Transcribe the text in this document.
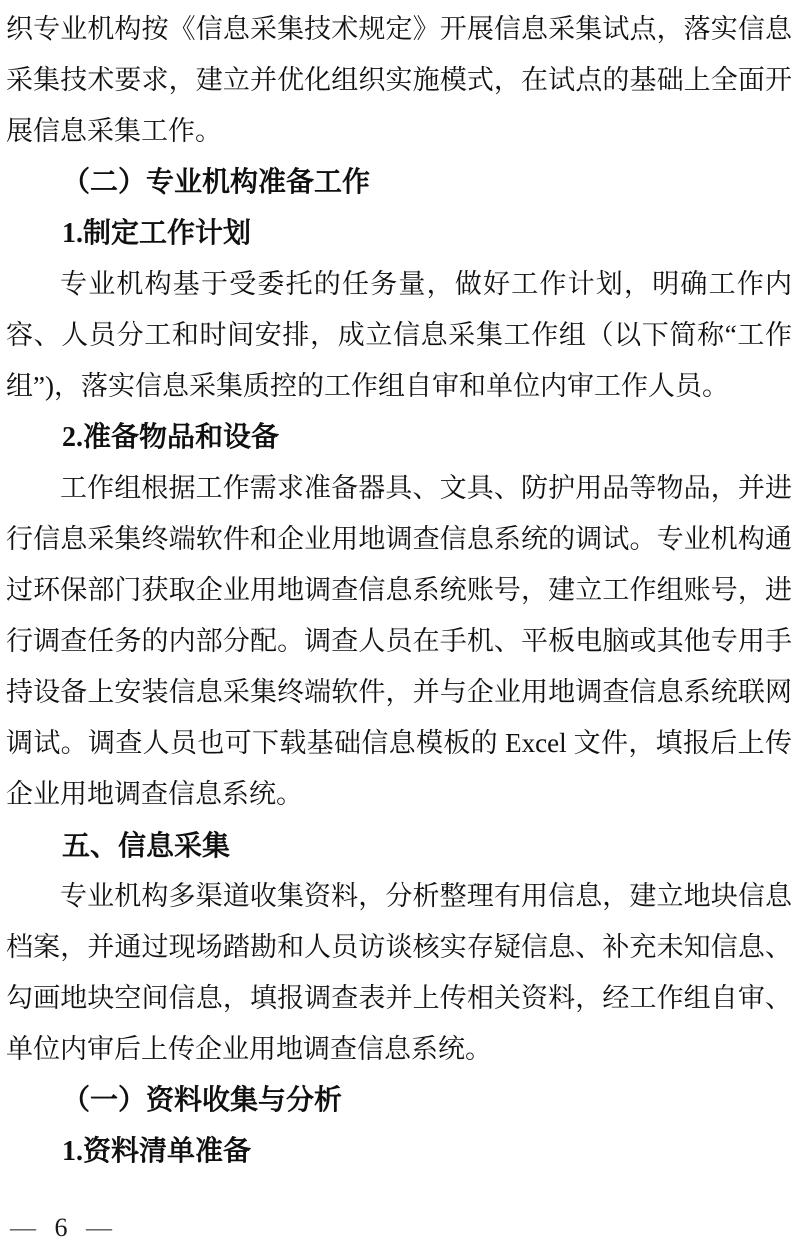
织专业机构按《信息采集技术规定》开展信息采集试点，落实信息采集技术要求，建立并优化组织实施模式，在试点的基础上全面开展信息采集工作。
（二）专业机构准备工作
1.制定工作计划
专业机构基于受委托的任务量，做好工作计划，明确工作内容、人员分工和时间安排，成立信息采集工作组（以下简称“工作组”)，落实信息采集质控的工作组自审和单位内审工作人员。
2.准备物品和设备
工作组根据工作需求准备器具、文具、防护用品等物品，并进行信息采集终端软件和企业用地调查信息系统的调试。专业机构通过环保部门获取企业用地调查信息系统账号，建立工作组账号，进行调查任务的内部分配。调查人员在手机、平板电脑或其他专用手持设备上安装信息采集终端软件，并与企业用地调查信息系统联网调试。调查人员也可下载基础信息模板的 Excel 文件，填报后上传企业用地调查信息系统。
五、信息采集
专业机构多渠道收集资料，分析整理有用信息，建立地块信息档案，并通过现场踏勘和人员访谈核实存疑信息、补充未知信息、勾画地块空间信息，填报调查表并上传相关资料，经工作组自审、单位内审后上传企业用地调查信息系统。
（一）资料收集与分析
1.资料清单准备
— 6 —
